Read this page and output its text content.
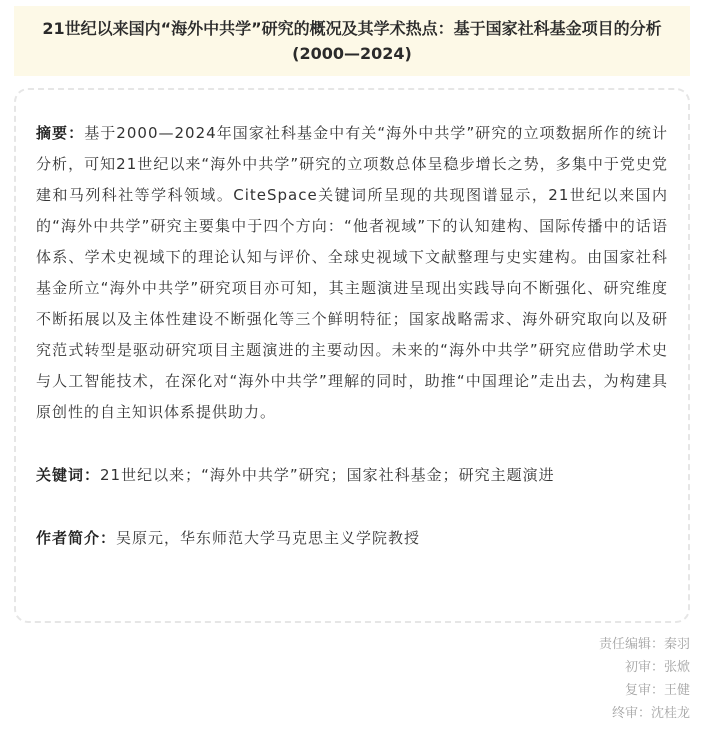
21世纪以来国内“海外中共学”研究的概况及其学术热点：基于国家社科基金项目的分析
(2000—2024)

摘要：基于2000—2024年国家社科基金中有关“海外中共学”研究的立项数据所作的统计分析，可知21世纪以来“海外中共学”研究的立项数总体呈稳步增长之势，多集中于党史党建和马列科社等学科领域。CiteSpace关键词所呈现的共现图谱显示，21世纪以来国内的“海外中共学”研究主要集中于四个方向：“他者视域”下的认知建构、国际传播中的话语体系、学术史视域下的理论认知与评价、全球史视域下文献整理与史实建构。由国家社科基金所立“海外中共学”研究项目亦可知，其主题演进呈现出实践导向不断强化、研究维度不断拓展以及主体性建设不断强化等三个鲜明特征；国家战略需求、海外研究取向以及研究范式转型是驱动研究项目主题演进的主要动因。未来的“海外中共学”研究应借助学术史与人工智能技术，在深化对“海外中共学”理解的同时，助推“中国理论”走出去，为构建具原创性的自主知识体系提供助力。

关键词：21世纪以来；“海外中共学”研究；国家社科基金；研究主题演进

作者简介：吴原元，华东师范大学马克思主义学院教授

责任编辑：秦羽
初审：张焮
复审：王健
终审：沈桂龙
